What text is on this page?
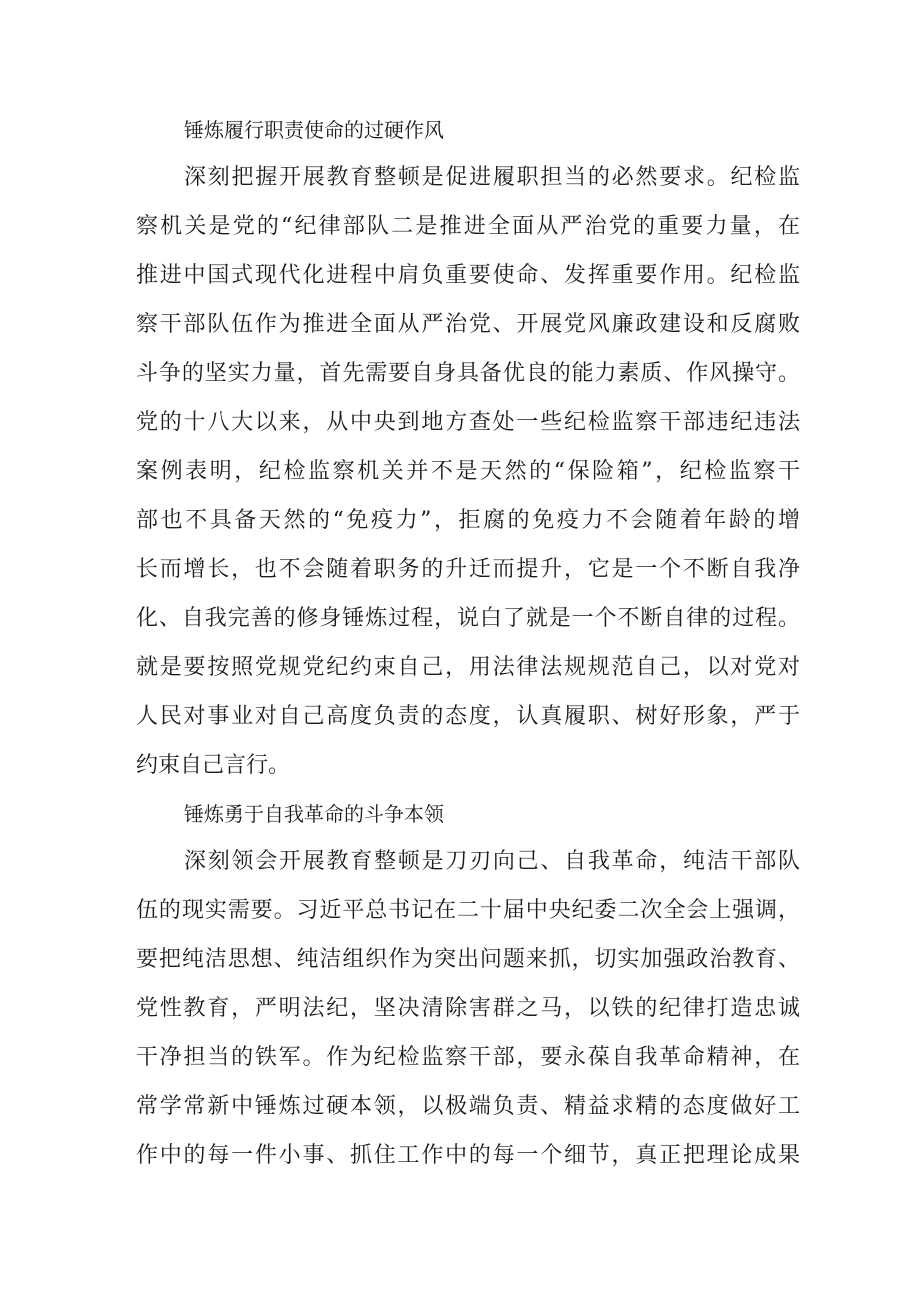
锤炼履行职责使命的过硬作风

深刻把握开展教育整顿是促进履职担当的必然要求。纪检监

察机关是党的“纪律部队二是推进全面从严治党的重要力量，在

推进中国式现代化进程中肩负重要使命、发挥重要作用。纪检监

察干部队伍作为推进全面从严治党、开展党风廉政建设和反腐败

斗争的坚实力量，首先需要自身具备优良的能力素质、作风操守。

党的十八大以来，从中央到地方查处一些纪检监察干部违纪违法

案例表明，纪检监察机关并不是天然的“保险箱”，纪检监察干

部也不具备天然的“免疫力”，拒腐的免疫力不会随着年龄的增

长而增长，也不会随着职务的升迁而提升，它是一个不断自我净

化、自我完善的修身锤炼过程，说白了就是一个不断自律的过程。

就是要按照党规党纪约束自己，用法律法规规范自己，以对党对

人民对事业对自己高度负责的态度，认真履职、树好形象，严于

约束自己言行。

锤炼勇于自我革命的斗争本领

深刻领会开展教育整顿是刀刃向己、自我革命，纯洁干部队

伍的现实需要。习近平总书记在二十届中央纪委二次全会上强调，

要把纯洁思想、纯洁组织作为突出问题来抓，切实加强政治教育、

党性教育，严明法纪，坚决清除害群之马，以铁的纪律打造忠诚

干净担当的铁军。作为纪检监察干部，要永葆自我革命精神，在

常学常新中锤炼过硬本领，以极端负责、精益求精的态度做好工

作中的每一件小事、抓住工作中的每一个细节，真正把理论成果
